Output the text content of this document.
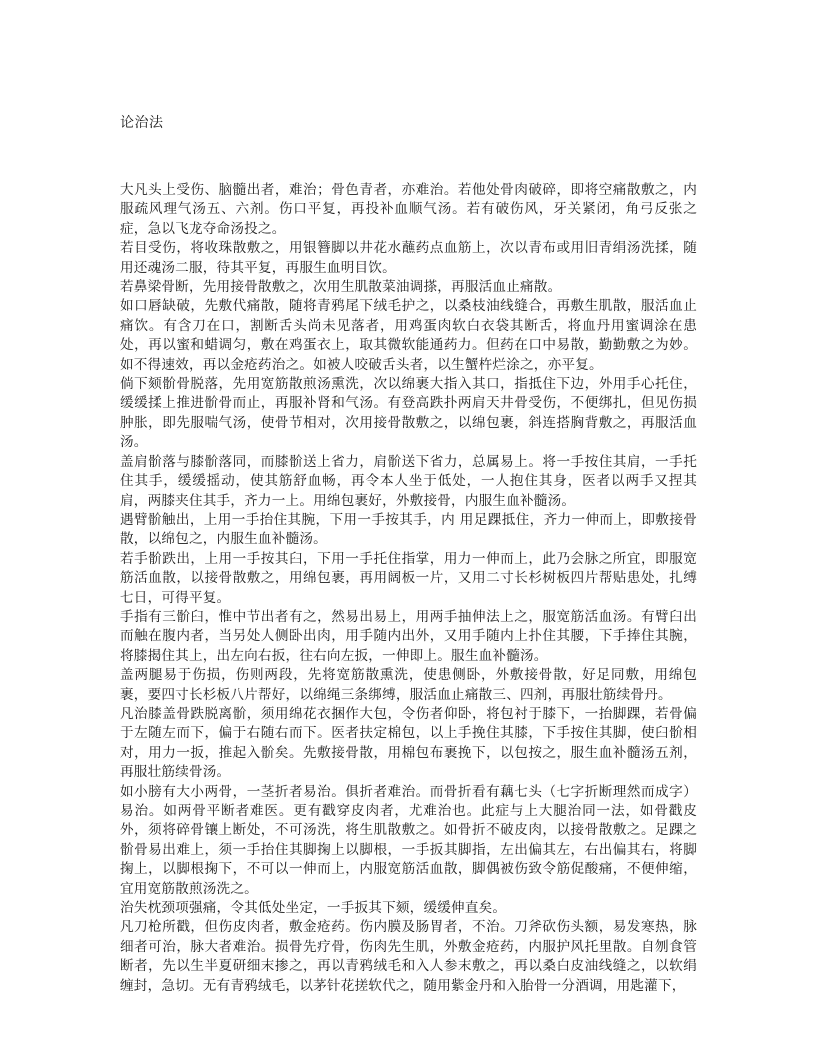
论治法

大凡头上受伤、脑髓出者，难治；骨色青者，亦难治。若他处骨肉破碎，即将空痛散敷之，内服疏风理气汤五、六剂。伤口平复，再投补血顺气汤。若有破伤风，牙关紧闭，角弓反张之症，急以飞龙夺命汤投之。

若目受伤，将收珠散敷之，用银簪脚以井花水蘸药点血筋上，次以青布或用旧青绢汤洗揉，随用还魂汤二服，待其平复，再服生血明目饮。

若鼻梁骨断，先用接骨散敷之，次用生肌散菜油调搽，再服活血止痛散。

如口唇缺破，先敷代痛散，随将青鸦尾下绒毛护之，以桑枝油线缝合，再敷生肌散，服活血止痛饮。有含刀在口，割断舌头尚未见落者，用鸡蛋肉软白衣袋其断舌，将血丹用蜜调涂在患处，再以蜜和蜡调匀，敷在鸡蛋衣上，取其微软能通药力。但药在口中易散，勤勤敷之为妙。如不得速效，再以金疮药治之。如被人咬破舌头者，以生蟹杵烂涂之，亦平复。

倘下颏骱骨脱落，先用宽筋散煎汤熏洗，次以绵裹大指入其口，指抵住下边，外用手心托住，缓缓揉上推进骱骨而止，再服补肾和气汤。有登高跌扑两肩天井骨受伤，不便绑扎，但见伤损肿胀，即先服喘气汤，使骨节相对，次用接骨散敷之，以绵包裹，斜连搭胸背敷之，再服活血汤。

盖肩骱落与膝骱落同，而膝骱送上省力，肩骱送下省力，总属易上。将一手按住其肩，一手托住其手，缓缓摇动，使其筋舒血畅，再令本人坐于低处，一人抱住其身，医者以两手又捏其肩，两膝夹住其手，齐力一上。用绵包裹好，外敷接骨，内服生血补髓汤。

遇臂骱触出，上用一手抬住其腕，下用一手按其手，内 用足踝抵住，齐力一伸而上，即敷接骨散，以绵包之，内服生血补髓汤。

若手骱跌出，上用一手按其臼，下用一手托住指掌，用力一伸而上，此乃会脉之所宜，即服宽筋活血散，以接骨散敷之，用绵包裹，再用阔板一片，又用二寸长杉树板四片帮贴患处，扎缚七日，可得平复。

手指有三骱臼，惟中节出者有之，然易出易上，用两手抽伸法上之，服宽筋活血汤。有臂臼出而触在腹内者，当另处人侧卧出肉，用手随内出外，又用手随内上扑住其腰，下手捧住其腕，将膝揭住其上，出左向右扳，往右向左扳，一伸即上。服生血补髓汤。

盖两腿易于伤损，伤则两段，先将宽筋散熏洗，使患侧卧，外敷接骨散，好足同敷，用绵包裹，要四寸长杉板八片帮好，以绵绳三条绑缚，服活血止痛散三、四剂，再服壮筋续骨丹。

凡治膝盖骨跌脱离骱，须用绵花衣捆作大包，令伤者仰卧，将包衬于膝下，一抬脚踝，若骨偏于左随左而下，偏于右随右而下。医者扶定棉包，以上手挽住其膝，下手按住其脚，使臼骱相对，用力一扳，推起入骱矣。先敷接骨散，用棉包布裹挽下，以包按之，服生血补髓汤五剂，再服壮筋续骨汤。

如小膀有大小两骨，一茎折者易治。俱折者难治。而骨折看有藕七头（七字折断理然而成字）易治。如两骨平断者难医。更有戳穿皮肉者，尤难治也。此症与上大腿治同一法，如骨戳皮外，须将碎骨镶上断处，不可汤洗，将生肌散敷之。如骨折不破皮肉，以接骨散敷之。足踝之骱骨易出难上，须一手抬住其脚掬上以脚根，一手扳其脚指，左出偏其左，右出偏其右，将脚掬上，以脚根掬下，不可以一伸而上，内服宽筋活血散，脚偶被伤致令筋促酸痛，不便伸缩，宜用宽筋散煎汤洗之。

治失枕颈项强痛，令其低处坐定，一手扳其下颏，缓缓伸直矣。

凡刀枪所戳，但伤皮肉者，敷金疮药。伤内膜及肠胃者，不治。刀斧砍伤头额，易发寒热，脉细者可治，脉大者难治。损骨先疗骨，伤肉先生肌，外敷金疮药，内服护风托里散。自刎食管断者，先以生半夏研细末掺之，再以青鸦绒毛和入人参末敷之，再以桑白皮油线缝之，以软绢缠封，急切。无有青鸦绒毛，以茅针花搓软代之，随用紫金丹和入胎骨一分酒调，用匙灌下，
